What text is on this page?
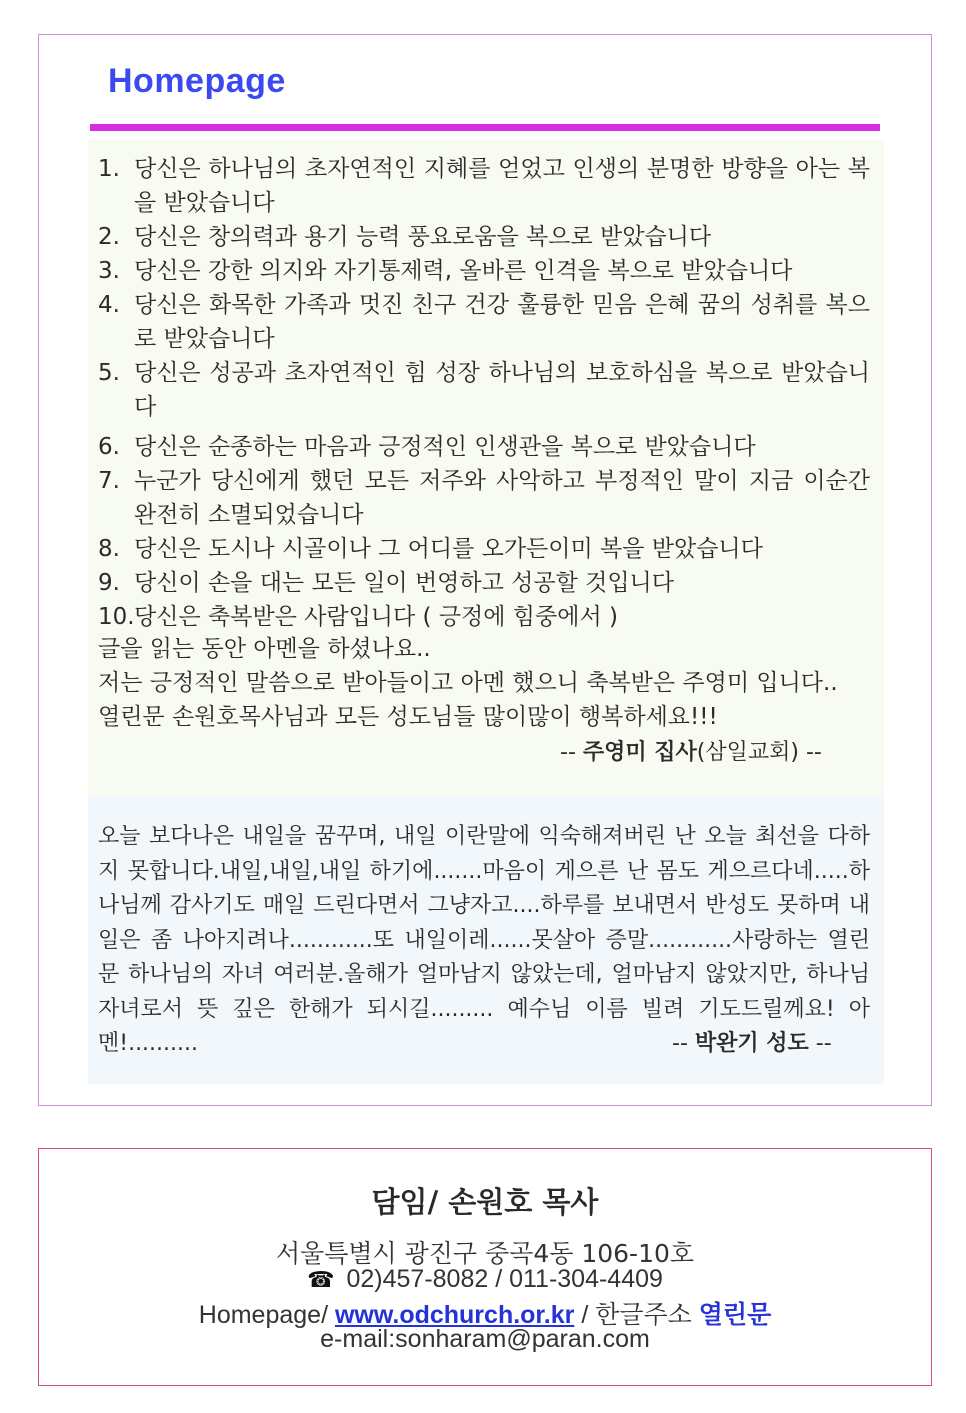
Homepage
1. 당신은 하나님의 초자연적인 지혜를 얻었고 인생의 분명한 방향을 아는 복을 받았습니다
2. 당신은 창의력과 용기 능력 풍요로움을 복으로 받았습니다
3. 당신은 강한 의지와 자기통제력, 올바른 인격을 복으로 받았습니다
4. 당신은 화목한 가족과 멋진 친구 건강 훌륭한 믿음 은혜 꿈의 성취를 복으로 받았습니다
5. 당신은 성공과 초자연적인 힘 성장 하나님의 보호하심을 복으로 받았습니다
6. 당신은 순종하는 마음과 긍정적인 인생관을 복으로 받았습니다
7. 누군가 당신에게 했던 모든 저주와 사악하고 부정적인 말이 지금 이순간 완전히 소멸되었습니다
8. 당신은 도시나 시골이나 그 어디를 오가든이미 복을 받았습니다
9. 당신이 손을 대는 모든 일이 번영하고 성공할 것입니다
10. 당신은 축복받은 사람입니다 ( 긍정에 힘중에서 )
글을 읽는 동안 아멘을 하셨나요..
저는 긍정적인 말씀으로 받아들이고 아멘 했으니 축복받은 주영미 입니다..
열린문 손원호목사님과 모든 성도님들 많이많이 행복하세요!!!
-- 주영미 집사(삼일교회) --
오늘 보다나은 내일을 꿈꾸며, 내일 이란말에 익숙해져버린 난 오늘 최선을 다하지 못합니다.내일,내일,내일 하기에.......마음이 게으른 난 몸도 게으르다네.....하나님께 감사기도 매일 드린다면서 그냥자고....하루를 보내면서 반성도 못하며 내일은 좀 나아지려나............또 내일이레......못살아 증말............사랑하는 열린문 하나님의 자녀 여러분.올해가 얼마남지 않았는데, 얼마남지 않았지만, 하나님자녀로서 뜻 깊은 한해가 되시길......... 예수님 이름 빌려 기도드릴께요! 아멘!..........	-- 박완기 성도 --
담임/ 손원호 목사
서울특별시 광진구 중곡4동 106-10호
☎ 02)457-8082 / 011-304-4409
Homepage/ www.odchurch.or.kr / 한글주소 열린문
e-mail:sonharam@paran.com
